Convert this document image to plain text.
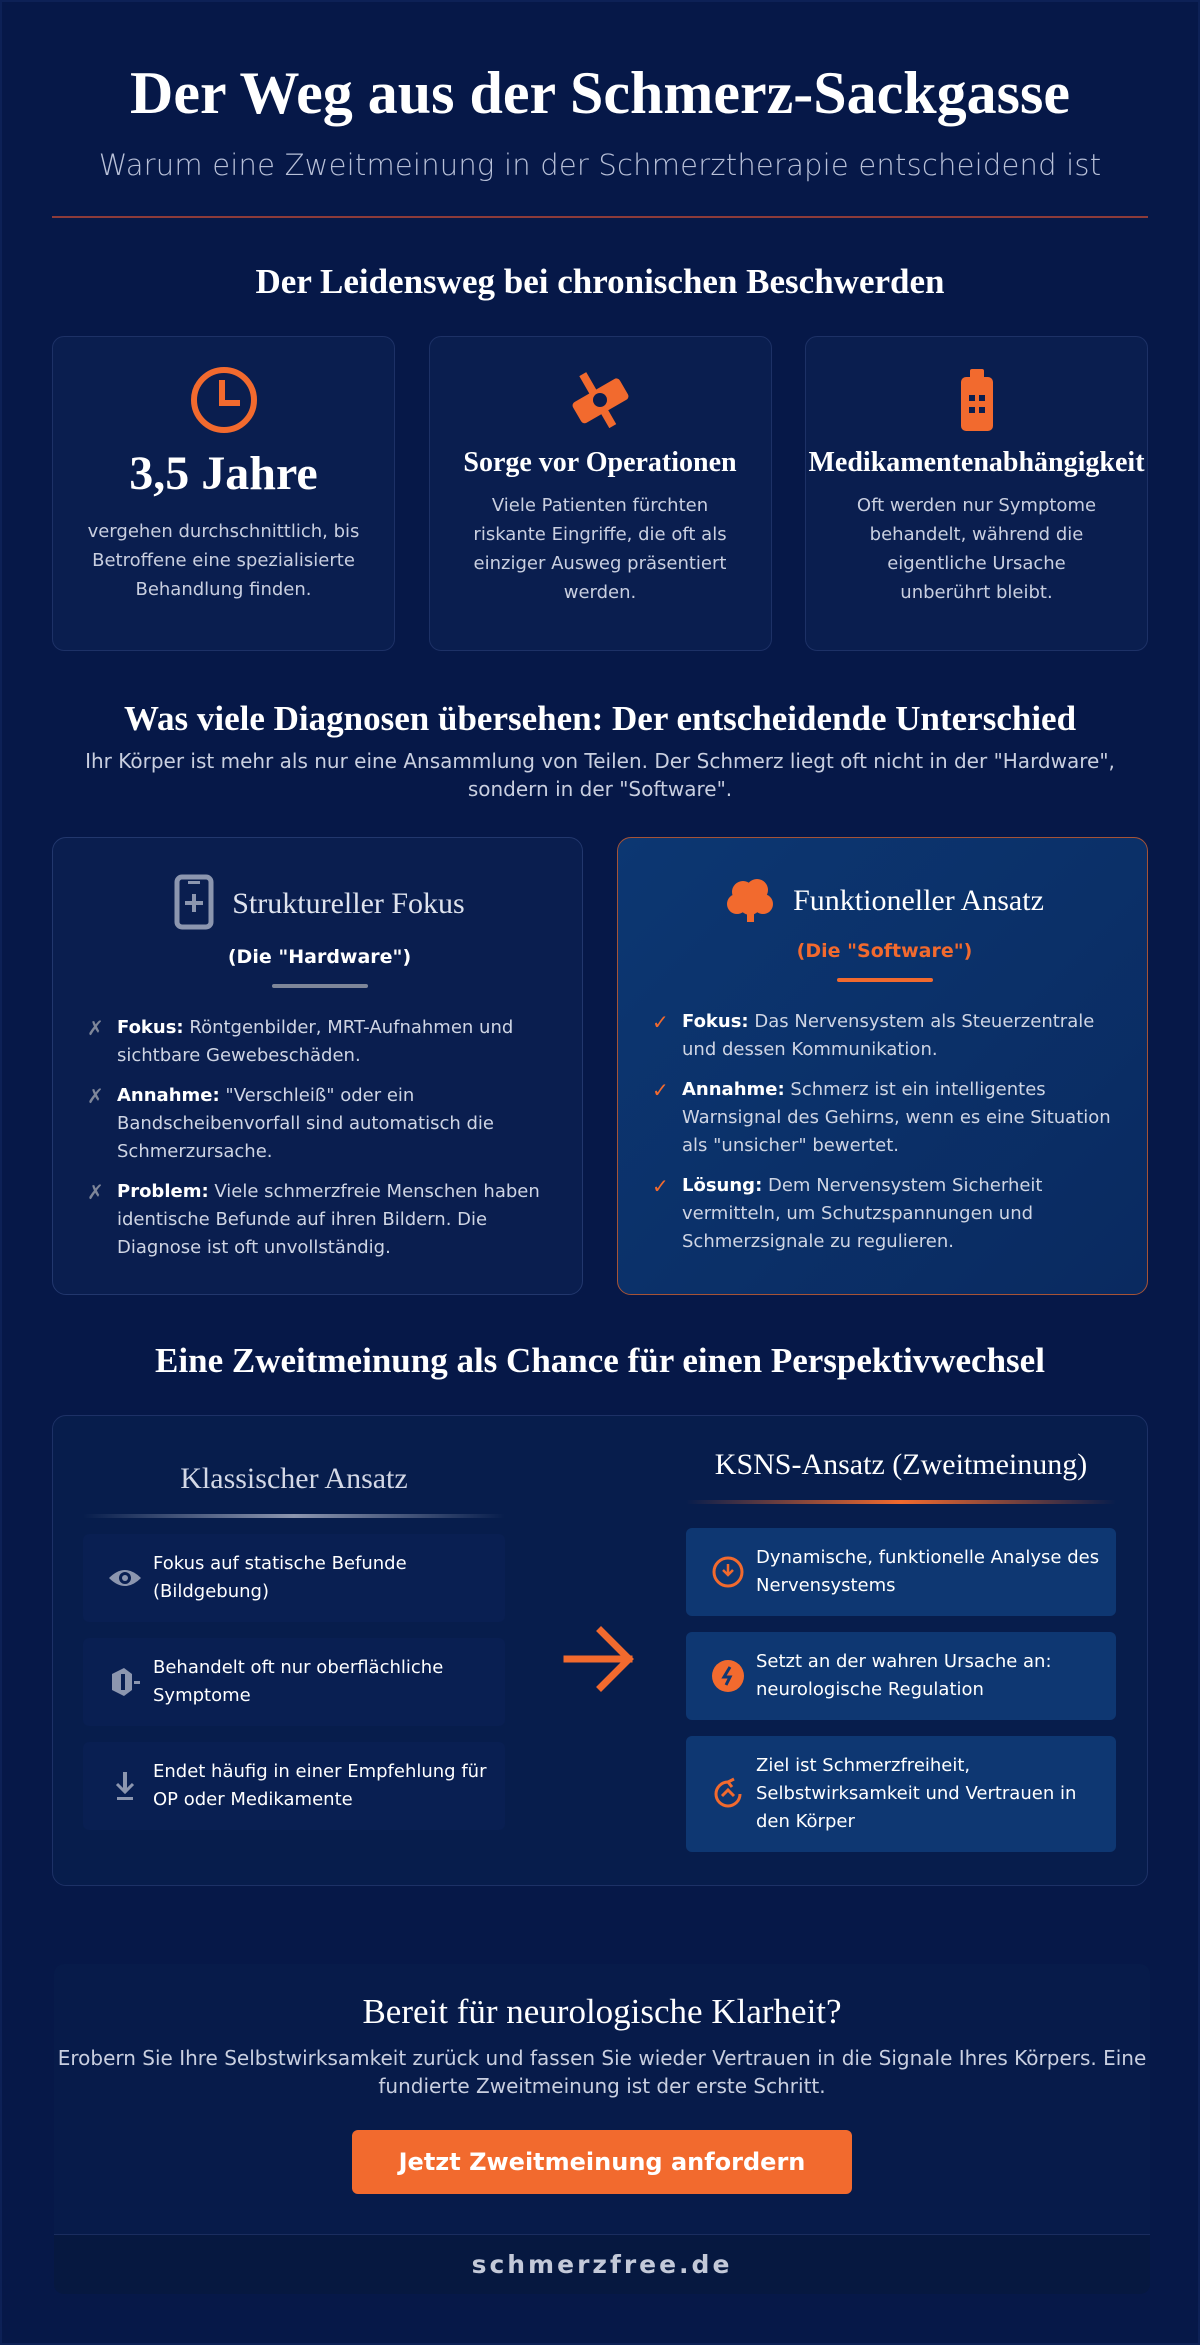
Der Weg aus der Schmerz-Sackgasse
Warum eine Zweitmeinung in der Schmerztherapie entscheidend ist
Der Leidensweg bei chronischen Beschwerden
3,5 Jahre
vergehen durchschnittlich, bis Betroffene eine spezialisierte Behandlung finden.
Sorge vor Operationen
Viele Patienten fürchten riskante Eingriffe, die oft als einziger Ausweg präsentiert werden.
Medikamentenabhängigkeit
Oft werden nur Symptome behandelt, während die eigentliche Ursache unberührt bleibt.
Was viele Diagnosen übersehen: Der entscheidende Unterschied

Ihr Körper ist mehr als nur eine Ansammlung von Teilen. Der Schmerz liegt oft nicht in der "Hardware", sondern in der "Software".

Struktureller Fokus
(Die "Hardware")
✗ Fokus: Röntgenbilder, MRT-Aufnahmen und sichtbare Gewebeschäden.
✗ Annahme: "Verschleiß" oder ein Bandscheibenvorfall sind automatisch die Schmerzursache.
✗ Problem: Viele schmerzfreie Menschen haben identische Befunde auf ihren Bildern. Die Diagnose ist oft unvollständig.
Funktioneller Ansatz
(Die "Software")
✓ Fokus: Das Nervensystem als Steuerzentrale und dessen Kommunikation.
✓ Annahme: Schmerz ist ein intelligentes Warnsignal des Gehirns, wenn es eine Situation als "unsicher" bewertet.
✓ Lösung: Dem Nervensystem Sicherheit vermitteln, um Schutzspannungen und Schmerzsignale zu regulieren.
Eine Zweitmeinung als Chance für einen Perspektivwechsel
Klassischer Ansatz
Fokus auf statische Befunde (Bildgebung)
Behandelt oft nur oberflächliche Symptome
Endet häufig in einer Empfehlung für OP oder Medikamente
KSNS-Ansatz (Zweitmeinung)
Dynamische, funktionelle Analyse des Nervensystems
Setzt an der wahren Ursache an: neurologische Regulation
Ziel ist Schmerzfreiheit, Selbstwirksamkeit und Vertrauen in den Körper
Bereit für neurologische Klarheit?

Erobern Sie Ihre Selbstwirksamkeit zurück und fassen Sie wieder Vertrauen in die Signale Ihres Körpers. Eine fundierte Zweitmeinung ist der erste Schritt.

Jetzt Zweitmeinung anfordern
schmerzfree.de
